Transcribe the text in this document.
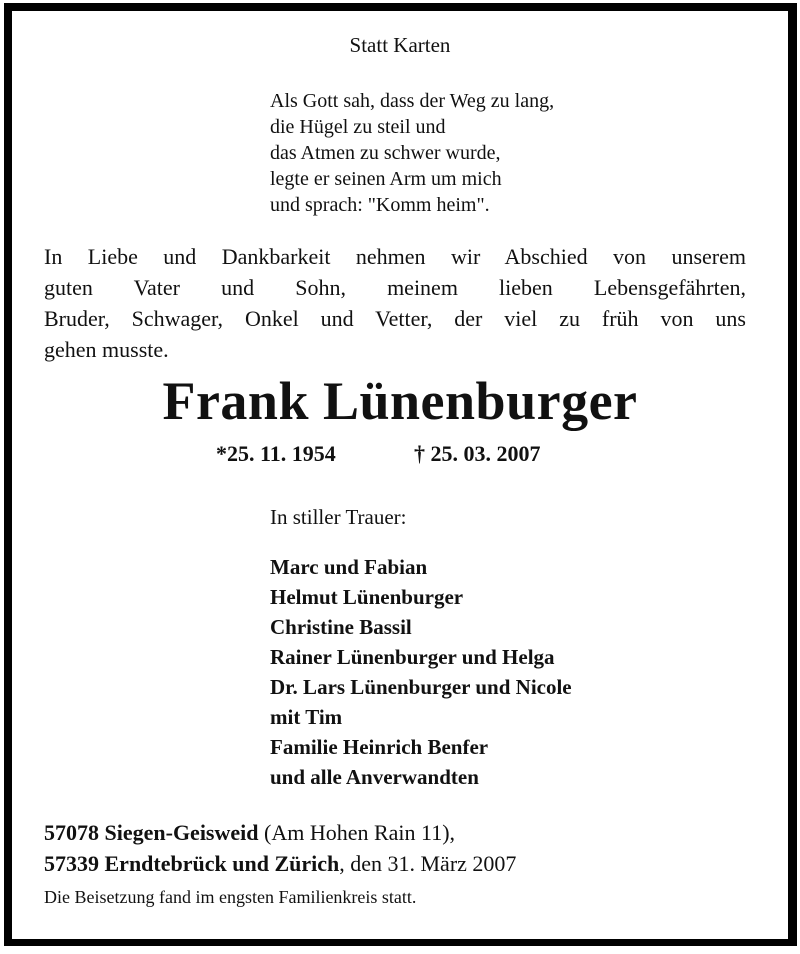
Statt Karten
Als Gott sah, dass der Weg zu lang,
die Hügel zu steil und
das Atmen zu schwer wurde,
legte er seinen Arm um mich
und sprach: "Komm heim".
In Liebe und Dankbarkeit nehmen wir Abschied von unserem
guten Vater und Sohn, meinem lieben Lebensgefährten,
Bruder, Schwager, Onkel und Vetter, der viel zu früh von uns
gehen musste.
Frank Lünenburger
*25. 11. 1954	† 25. 03. 2007
In stiller Trauer:
Marc und Fabian
Helmut Lünenburger
Christine Bassil
Rainer Lünenburger und Helga
Dr. Lars Lünenburger und Nicole
mit Tim
Familie Heinrich Benfer
und alle Anverwandten
57078 Siegen-Geisweid (Am Hohen Rain 11),
57339 Erndtebrück und Zürich, den 31. März 2007
Die Beisetzung fand im engsten Familienkreis statt.
